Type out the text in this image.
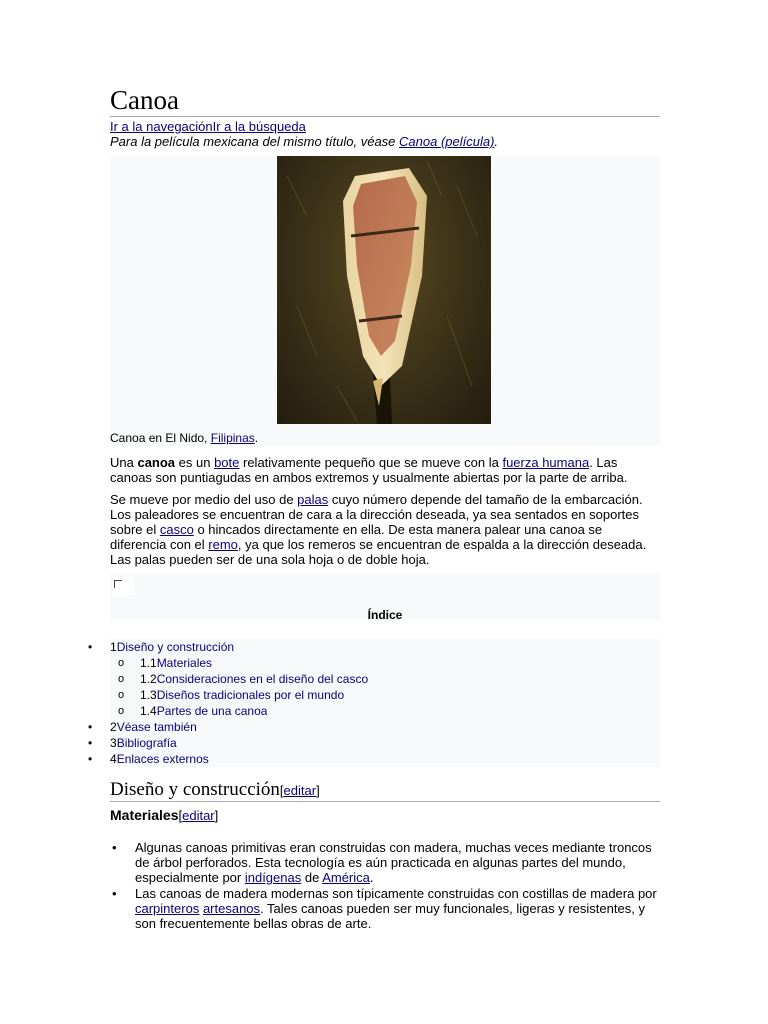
Canoa
Ir a la navegaciónIr a la búsqueda
Para la película mexicana del mismo título, véase Canoa (película).
Canoa en El Nido, Filipinas.

Una canoa es un bote relativamente pequeño que se mueve con la fuerza humana. Las canoas son puntiagudas en ambos extremos y usualmente abiertas por la parte de arriba.

Se mueve por medio del uso de palas cuyo número depende del tamaño de la embarcación. Los paleadores se encuentran de cara a la dirección deseada, ya sea sentados en soportes sobre el casco o hincados directamente en ella. De esta manera palear una canoa se diferencia con el remo, ya que los remeros se encuentran de espalda a la dirección deseada. Las palas pueden ser de una sola hoja o de doble hoja.

Índice
• 1Diseño y construcción
o 1.1Materiales
o 1.2Consideraciones en el diseño del casco
o 1.3Diseños tradicionales por el mundo
o 1.4Partes de una canoa
• 2Véase también
• 3Bibliografía
• 4Enlaces externos
Diseño y construcción[editar]
Materiales[editar]
• Algunas canoas primitivas eran construidas con madera, muchas veces mediante troncos de árbol perforados. Esta tecnología es aún practicada en algunas partes del mundo, especialmente por indígenas de América.
• Las canoas de madera modernas son típicamente construidas con costillas de madera por carpinteros artesanos. Tales canoas pueden ser muy funcionales, ligeras y resistentes, y son frecuentemente bellas obras de arte.
